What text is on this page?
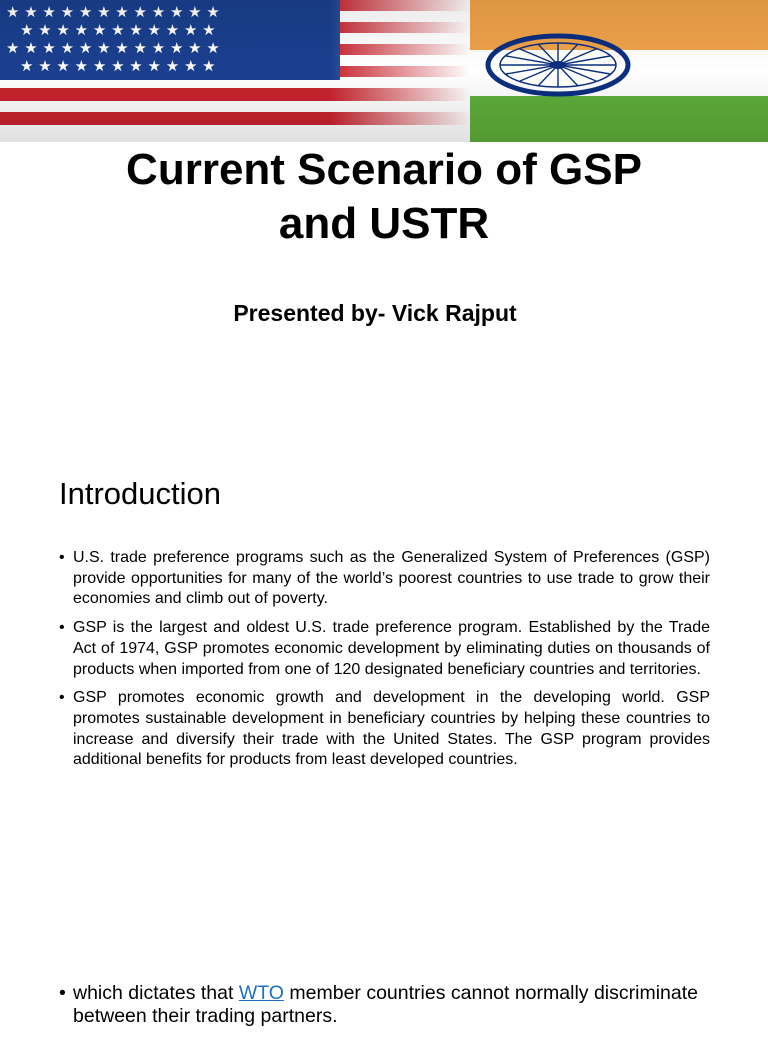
Current Scenario of GSP
and USTR

Presented by- Vick Rajput

Introduction
• U.S. trade preference programs such as the Generalized System of Preferences (GSP) provide opportunities for many of the world’s poorest countries to use trade to grow their economies and climb out of poverty.
• GSP is the largest and oldest U.S. trade preference program. Established by the Trade Act of 1974, GSP promotes economic development by eliminating duties on thousands of products when imported from one of 120 designated beneficiary countries and territories.
• GSP promotes economic growth and development in the developing world. GSP promotes sustainable development in beneficiary countries by helping these countries to increase and diversify their trade with the United States. The GSP program provides additional benefits for products from least developed countries.
• which dictates that WTO member countries cannot normally discriminate between their trading partners.
